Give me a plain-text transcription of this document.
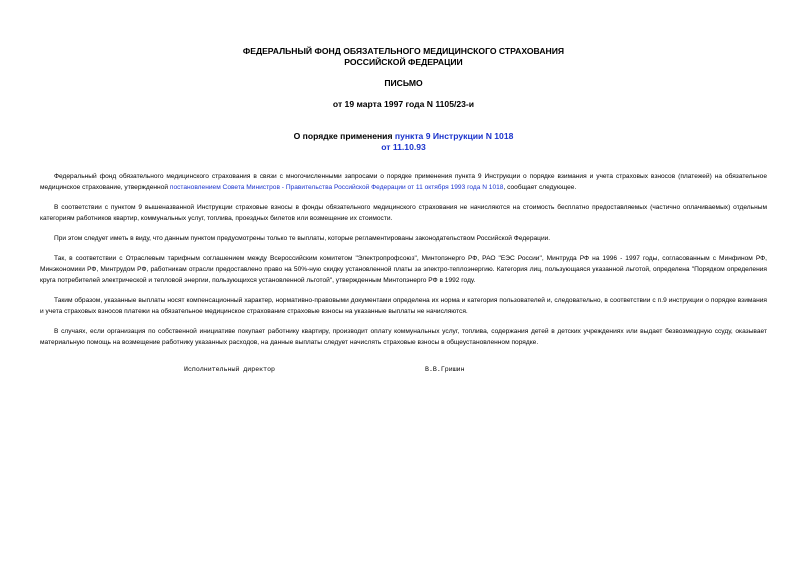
ФЕДЕРАЛЬНЫЙ ФОНД ОБЯЗАТЕЛЬНОГО МЕДИЦИНСКОГО СТРАХОВАНИЯ
РОССИЙСКОЙ ФЕДЕРАЦИИ
ПИСЬМО
от 19 марта 1997 года N 1105/23-и
О порядке применения пункта 9 Инструкции N 1018
от 11.10.93
Федеральный фонд обязательного медицинского страхования в связи с многочисленными запросами о порядке применения пункта 9 Инструкции о порядке взимания и учета страховых взносов (платежей) на обязательное медицинское страхование, утвержденной постановлением Совета Министров - Правительства Российской Федерации от 11 октября 1993 года N 1018, сообщает следующее.
В соответствии с пунктом 9 вышеназванной Инструкции страховые взносы в фонды обязательного медицинского страхования не начисляются на стоимость бесплатно предоставляемых (частично оплачиваемых) отдельным категориям работников квартир, коммунальных услуг, топлива, проездных билетов или возмещение их стоимости.
При этом следует иметь в виду, что данным пунктом предусмотрены только те выплаты, которые регламентированы законодательством Российской Федерации.
Так, в соответствии с Отраслевым тарифным соглашением между Всероссийским комитетом "Электропрофсоюз", Минтопэнерго РФ, РАО "ЕЭС России", Минтруда РФ на 1996 - 1997 годы, согласованным с Минфином РФ, Минэкономики РФ, Минтрудом РФ, работникам отрасли предоставлено право на 50%-ную скидку установленной платы за электро-теплоэнергию. Категория лиц, пользующаяся указанной льготой, определена "Порядком определения круга потребителей электрической и тепловой энергии, пользующихся установленной льготой", утвержденным Минтопэнерго РФ в 1992 году.
Таким образом, указанные выплаты носят компенсационный характер, нормативно-правовыми документами определена их норма и категория пользователей и, следовательно, в соответствии с п.9 инструкции о порядке взимания и учета страховых взносов платежи на обязательное медицинское страхование страховые взносы на указанные выплаты не начисляются.
В случаях, если организация по собственной инициативе покупает работнику квартиру, производит оплату коммунальных услуг, топлива, содержания детей в детских учреждениях или выдает безвозмездную ссуду, оказывает материальную помощь на возмещение работнику указанных расходов, на данные выплаты следует начислять страховые взносы в общеустановленном порядке.
Исполнительный директор	В.В.Гришин
